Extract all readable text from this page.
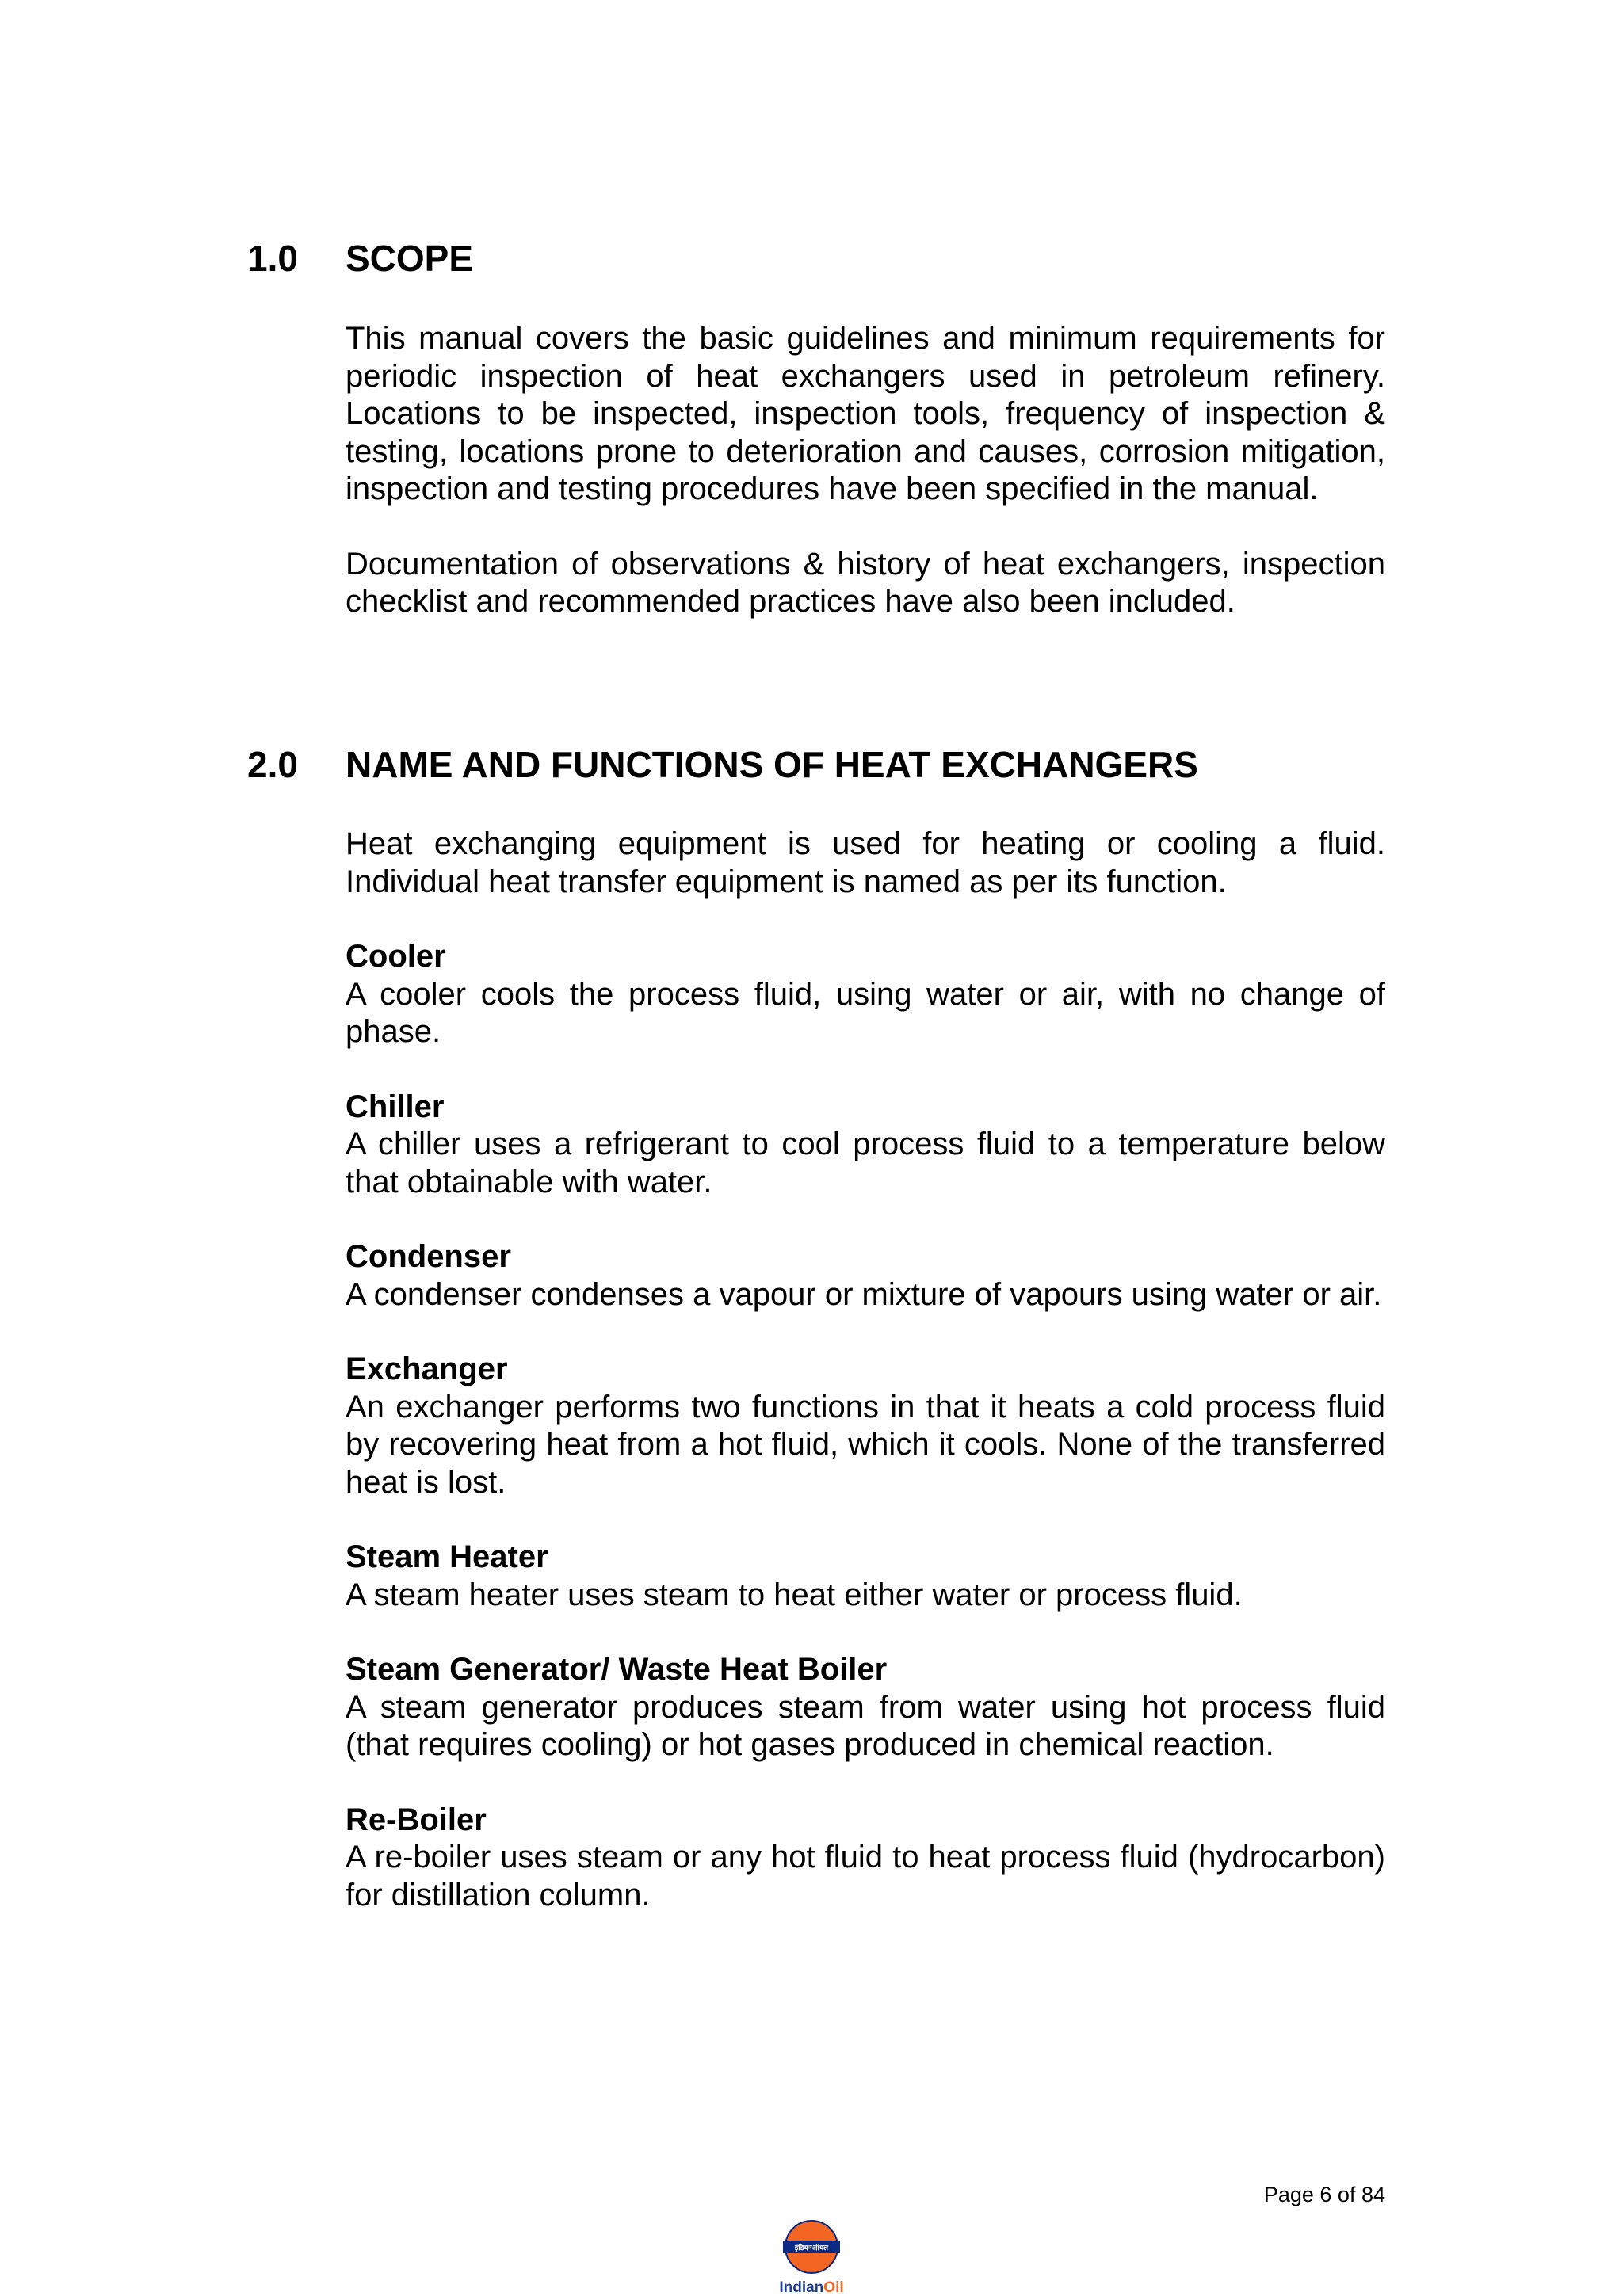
1.0 SCOPE

This manual covers the basic guidelines and minimum requirements for periodic inspection of heat exchangers used in petroleum refinery. Locations to be inspected, inspection tools, frequency of inspection & testing, locations prone to deterioration and causes, corrosion mitigation, inspection and testing procedures have been specified in the manual.

Documentation of observations & history of heat exchangers, inspection checklist and recommended practices have also been included.

2.0 NAME AND FUNCTIONS OF HEAT EXCHANGERS

Heat exchanging equipment is used for heating or cooling a fluid. Individual heat transfer equipment is named as per its function.

Cooler

A cooler cools the process fluid, using water or air, with no change of phase.

Chiller

A chiller uses a refrigerant to cool process fluid to a temperature below that obtainable with water.

Condenser

A condenser condenses a vapour or mixture of vapours using water or air.

Exchanger

An exchanger performs two functions in that it heats a cold process fluid by recovering heat from a hot fluid, which it cools. None of the transferred heat is lost.

Steam Heater

A steam heater uses steam to heat either water or process fluid.

Steam Generator/ Waste Heat Boiler

A steam generator produces steam from water using hot process fluid (that requires cooling) or hot gases produced in chemical reaction.

Re-Boiler

A re-boiler uses steam or any hot fluid to heat process fluid (hydrocarbon) for distillation column.

Page 6 of 84
इंडियनऑयल
IndianOil
